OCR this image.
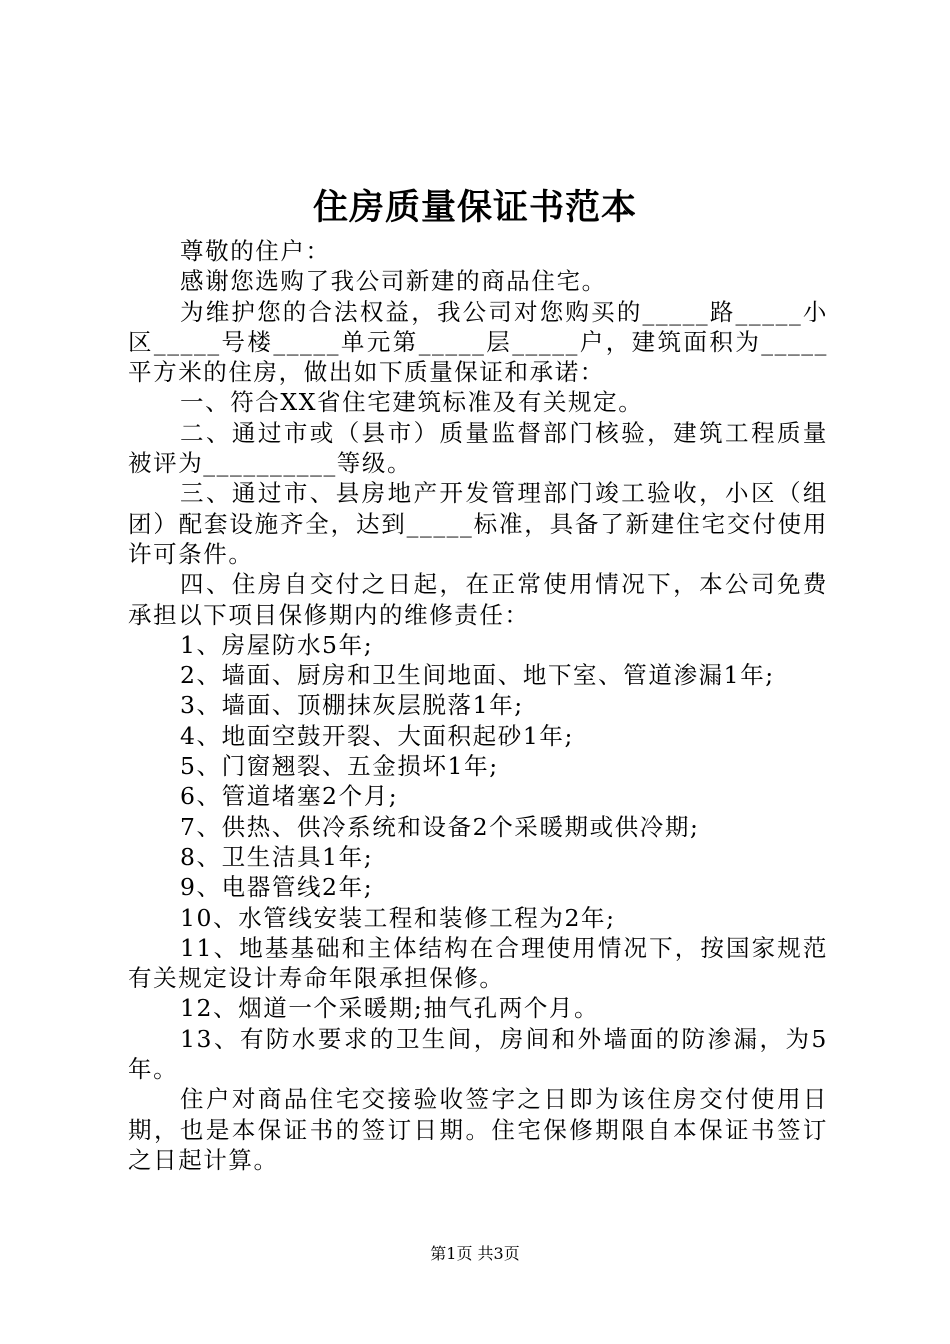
住房质量保证书范本

尊敬的住户：

感谢您选购了我公司新建的商品住宅。

为维护您的合法权益，我公司对您购买的_____路_____小区_____号楼_____单元第_____层_____户，建筑面积为_____平方米的住房，做出如下质量保证和承诺：

一、符合XX省住宅建筑标准及有关规定。

二、通过市或（县市）质量监督部门核验，建筑工程质量被评为__________等级。

三、通过市、县房地产开发管理部门竣工验收，小区（组团）配套设施齐全，达到_____标准，具备了新建住宅交付使用许可条件。

四、住房自交付之日起，在正常使用情况下，本公司免费承担以下项目保修期内的维修责任：

1、房屋防水5年;

2、墙面、厨房和卫生间地面、地下室、管道渗漏1年;

3、墙面、顶棚抹灰层脱落1年;

4、地面空鼓开裂、大面积起砂1年;

5、门窗翘裂、五金损坏1年;

6、管道堵塞2个月;

7、供热、供冷系统和设备2个采暖期或供冷期;

8、卫生洁具1年;

9、电器管线2年;

10、水管线安装工程和装修工程为2年;

11、地基基础和主体结构在合理使用情况下，按国家规范有关规定设计寿命年限承担保修。

12、烟道一个采暖期;抽气孔两个月。

13、有防水要求的卫生间，房间和外墙面的防渗漏，为5年。

住户对商品住宅交接验收签字之日即为该住房交付使用日期，也是本保证书的签订日期。住宅保修期限自本保证书签订之日起计算。

第1页 共3页
